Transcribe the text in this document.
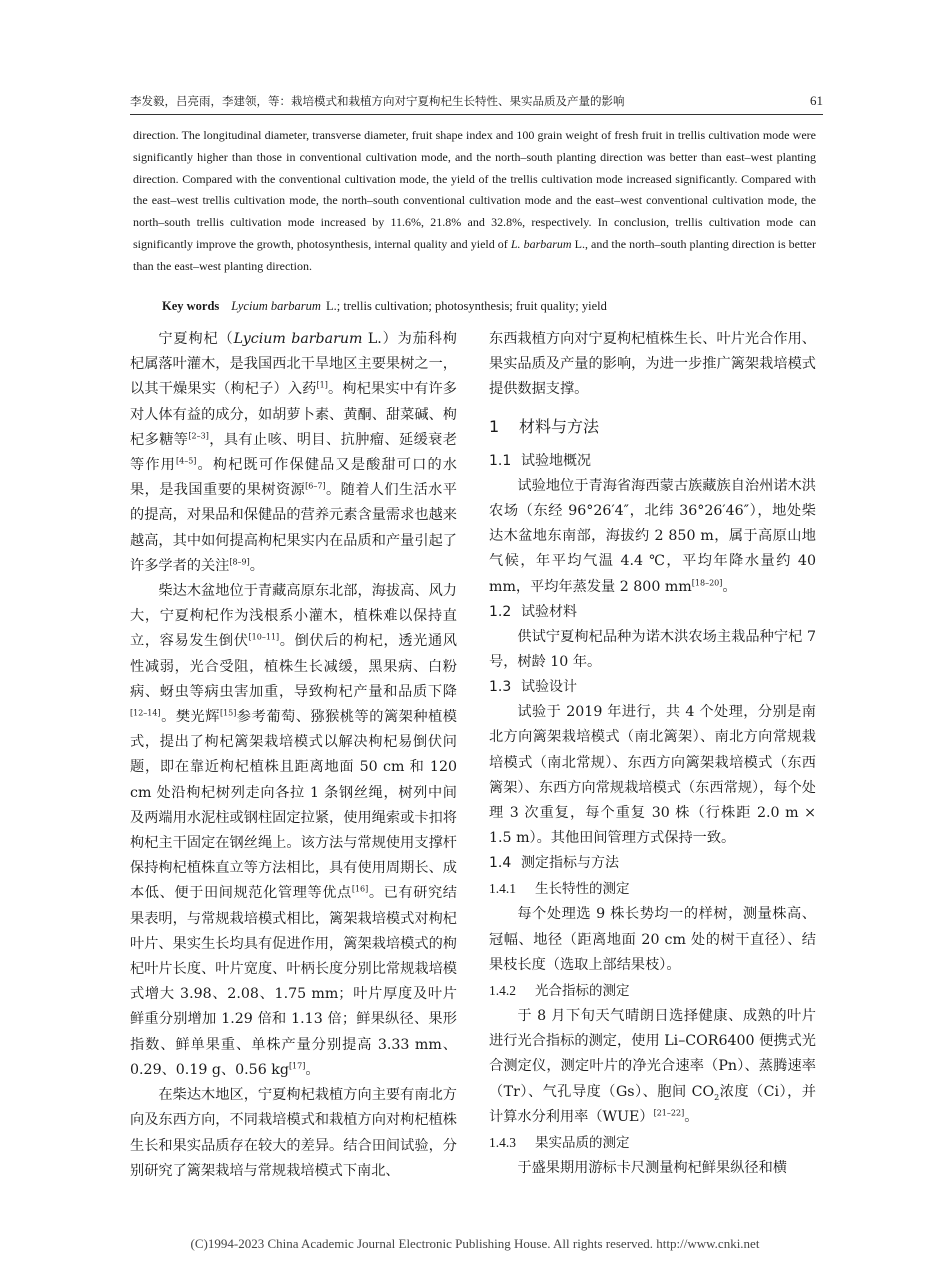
李发毅，吕亮雨，李建领，等：栽培模式和栽植方向对宁夏枸杞生长特性、果实品质及产量的影响	61

direction. The longitudinal diameter, transverse diameter, fruit shape index and 100 grain weight of fresh fruit in trellis cultivation mode were significantly higher than those in conventional cultivation mode, and the north–south planting direction was better than east–west planting direction. Compared with the conventional cultivation mode, the yield of the trellis cultivation mode increased significantly. Compared with the east–west trellis cultivation mode, the north–south conventional cultivation mode and the east–west conventional cultivation mode, the north–south trellis cultivation mode increased by 11.6%, 21.8% and 32.8%, respectively. In conclusion, trellis cultivation mode can significantly improve the growth, photosynthesis, internal quality and yield of L. barbarum L., and the north–south planting direction is better than the east–west planting direction.

Key words Lycium barbarum L.; trellis cultivation; photosynthesis; fruit quality; yield

宁夏枸杞（Lycium barbarum L.）为茄科枸杞属落叶灌木，是我国西北干旱地区主要果树之一，以其干燥果实（枸杞子）入药[1]。枸杞果实中有许多对人体有益的成分，如胡萝卜素、黄酮、甜菜碱、枸杞多糖等[2–3]，具有止咳、明目、抗肿瘤、延缓衰老等作用[4–5]。枸杞既可作保健品又是酸甜可口的水果，是我国重要的果树资源[6–7]。随着人们生活水平的提高，对果品和保健品的营养元素含量需求也越来越高，其中如何提高枸杞果实内在品质和产量引起了许多学者的关注[8–9]。

柴达木盆地位于青藏高原东北部，海拔高、风力大，宁夏枸杞作为浅根系小灌木，植株难以保持直立，容易发生倒伏[10–11]。倒伏后的枸杞，透光通风性减弱，光合受阻，植株生长减缓，黑果病、白粉病、蚜虫等病虫害加重，导致枸杞产量和品质下降[12–14]。樊光辉[15]参考葡萄、猕猴桃等的篱架种植模式，提出了枸杞篱架栽培模式以解决枸杞易倒伏问题，即在靠近枸杞植株且距离地面 50 cm 和 120 cm 处沿枸杞树列走向各拉 1 条钢丝绳，树列中间及两端用水泥柱或钢柱固定拉紧，使用绳索或卡扣将枸杞主干固定在钢丝绳上。该方法与常规使用支撑杆保持枸杞植株直立等方法相比，具有使用周期长、成本低、便于田间规范化管理等优点[16]。已有研究结果表明，与常规栽培模式相比，篱架栽培模式对枸杞叶片、果实生长均具有促进作用，篱架栽培模式的枸杞叶片长度、叶片宽度、叶柄长度分别比常规栽培模式增大 3.98、2.08、1.75 mm；叶片厚度及叶片鲜重分别增加 1.29 倍和 1.13 倍；鲜果纵径、果形指数、鲜单果重、单株产量分别提高 3.33 mm、0.29、0.19 g、0.56 kg[17]。

在柴达木地区，宁夏枸杞栽植方向主要有南北方向及东西方向，不同栽培模式和栽植方向对枸杞植株生长和果实品质存在较大的差异。结合田间试验，分别研究了篱架栽培与常规栽培模式下南北、

东西栽植方向对宁夏枸杞植株生长、叶片光合作用、果实品质及产量的影响，为进一步推广篱架栽培模式提供数据支撑。

1 材料与方法
1.1 试验地概况

试验地位于青海省海西蒙古族藏族自治州诺木洪农场（东经 96°26′4″，北纬 36°26′46″），地处柴达木盆地东南部，海拔约 2 850 m，属于高原山地气候，年平均气温 4.4 ℃，平均年降水量约 40 mm，平均年蒸发量 2 800 mm[18–20]。

1.2 试验材料

供试宁夏枸杞品种为诺木洪农场主栽品种宁杞 7 号，树龄 10 年。

1.3 试验设计

试验于 2019 年进行，共 4 个处理，分别是南北方向篱架栽培模式（南北篱架）、南北方向常规栽培模式（南北常规）、东西方向篱架栽培模式（东西篱架）、东西方向常规栽培模式（东西常规），每个处理 3 次重复，每个重复 30 株（行株距 2.0 m × 1.5 m）。其他田间管理方式保持一致。

1.4 测定指标与方法
1.4.1 生长特性的测定

每个处理选 9 株长势均一的样树，测量株高、冠幅、地径（距离地面 20 cm 处的树干直径）、结果枝长度（选取上部结果枝）。

1.4.2 光合指标的测定

于 8 月下旬天气晴朗日选择健康、成熟的叶片进行光合指标的测定，使用 Li–COR6400 便携式光合测定仪，测定叶片的净光合速率（Pn）、蒸腾速率（Tr）、气孔导度（Gs）、胞间 $CO_2$浓度（Ci），并计算水分利用率（WUE）[21–22]。

1.4.3 果实品质的测定

于盛果期用游标卡尺测量枸杞鲜果纵径和横

(C)1994-2023 China Academic Journal Electronic Publishing House. All rights reserved. http://www.cnki.net
